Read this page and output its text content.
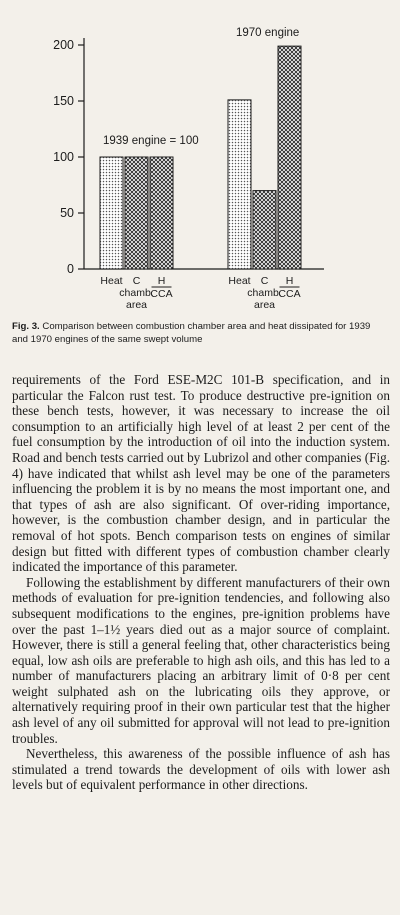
0
50
100
150
200
1939 engine = 100
1970 engine
Heat C
chamb.
area
H
CCA
Heat C
chamb.
area
H
CCA

Fig. 3. Comparison between combustion chamber area and heat dissipated for 1939 and 1970 engines of the same swept volume

requirements of the Ford ESE-M2C 101-B specification, and in particular the Falcon rust test. To produce destructive pre-ignition on these bench tests, however, it was necessary to increase the oil consumption to an artificially high level of at least 2 per cent of the fuel consumption by the introduction of oil into the induction system. Road and bench tests carried out by Lubrizol and other companies (Fig. 4) have indicated that whilst ash level may be one of the parameters influencing the problem it is by no means the most important one, and that types of ash are also significant. Of over-riding importance, however, is the combustion chamber design, and in particular the removal of hot spots. Bench comparison tests on engines of similar design but fitted with different types of combustion chamber clearly indicated the importance of this parameter.

Following the establishment by different manufacturers of their own methods of evaluation for pre-ignition tendencies, and following also subsequent modifications to the engines, pre-ignition problems have over the past 1–1½ years died out as a major source of complaint. However, there is still a general feeling that, other characteristics being equal, low ash oils are preferable to high ash oils, and this has led to a number of manufacturers placing an arbitrary limit of 0·8 per cent weight sulphated ash on the lubricating oils they approve, or alternatively requiring proof in their own particular test that the higher ash level of any oil submitted for approval will not lead to pre-ignition troubles.

Nevertheless, this awareness of the possible influence of ash has stimulated a trend towards the development of oils with lower ash levels but of equivalent performance in other directions.
